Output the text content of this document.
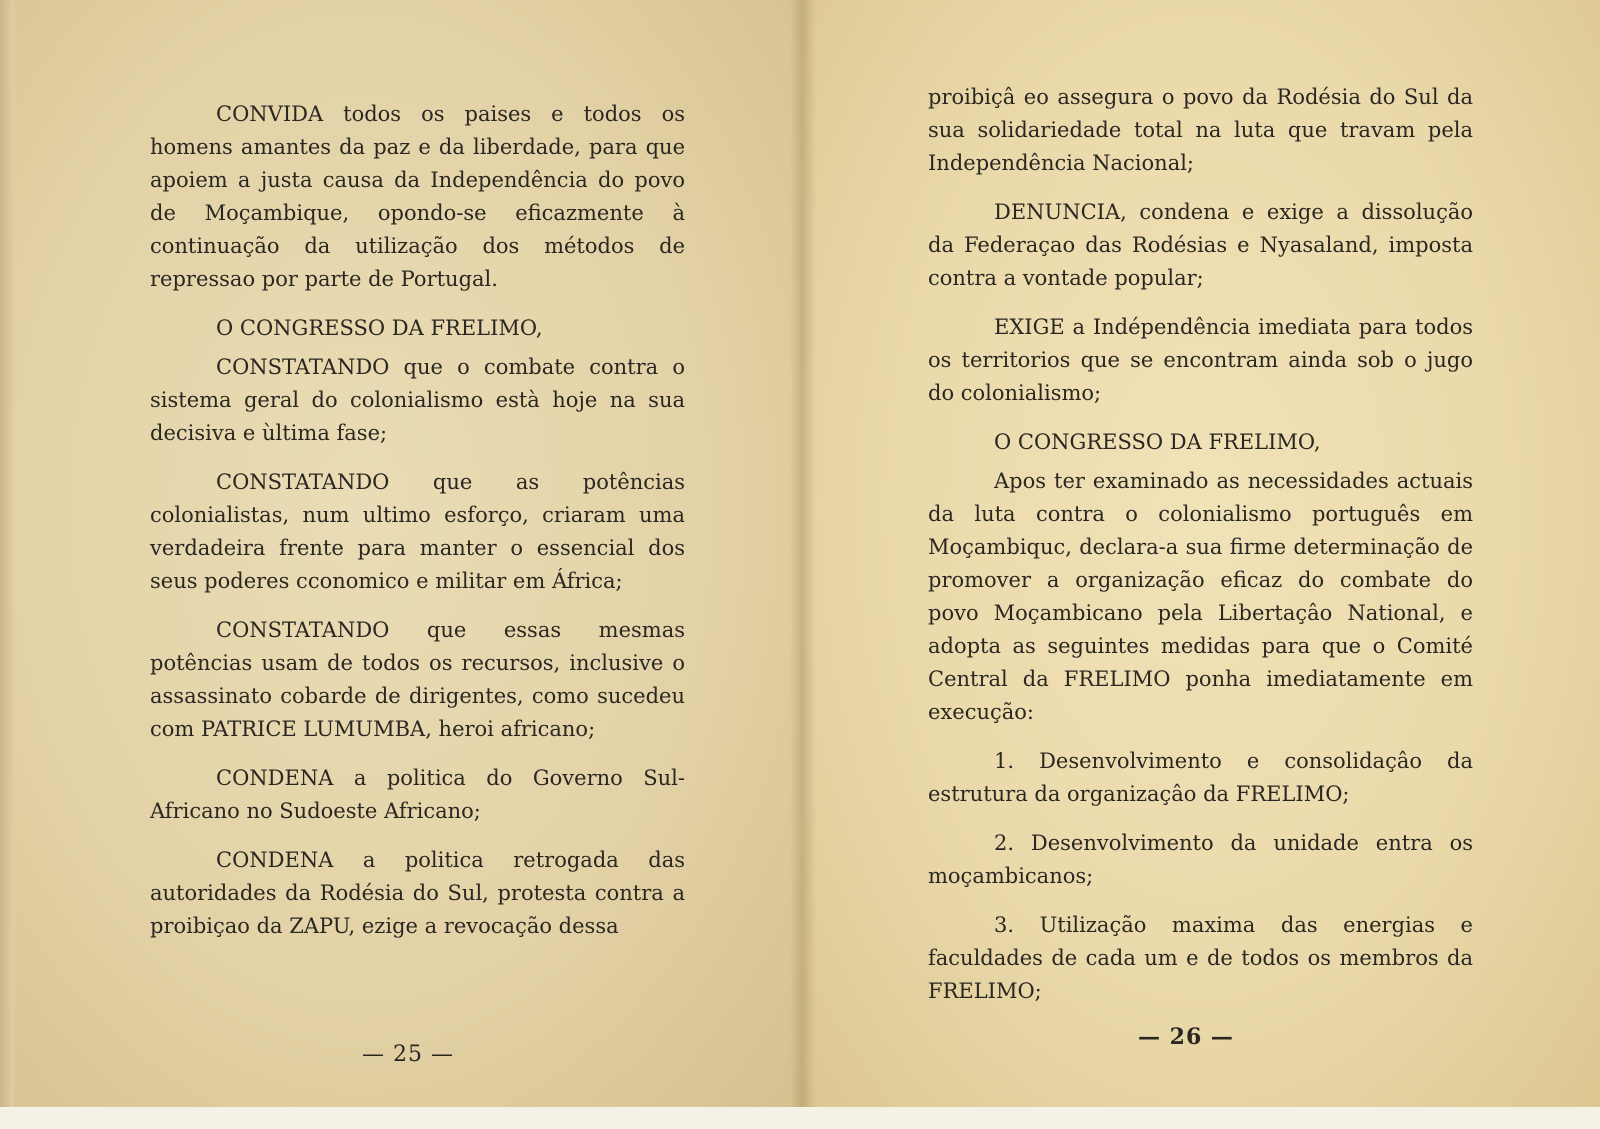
CONVIDA todos os paises e todos os homens amantes da paz e da liberdade, para que apoiem a justa causa da Independência do povo de Moçambique, opondo-se eficazmente à continuação da utilização dos métodos de repressao por parte de Portugal.

O CONGRESSO DA FRELIMO,

CONSTATANDO que o combate contra o sistema geral do colonialismo està hoje na sua decisiva e ùltima fase;

CONSTATANDO que as potências colonialistas, num ultimo esforço, criaram uma verdadeira frente para manter o essencial dos seus poderes cconomico e militar em África;

CONSTATANDO que essas mesmas potências usam de todos os recursos, inclusive o assassinato cobarde de dirigentes, como sucedeu com PATRICE LUMUMBA, heroi africano;

CONDENA a politica do Governo Sul-Africano no Sudoeste Africano;

CONDENA a politica retrogada das autoridades da Rodésia do Sul, protesta contra a proibiçao da ZAPU, ezige a revocação dessa

— 25 —

proibiçâ eo assegura o povo da Rodésia do Sul da sua solidariedade total na luta que travam pela Independência Nacional;

DENUNCIA, condena e exige a dissolução da Federaçao das Rodésias e Nyasaland, imposta contra a vontade popular;

EXIGE a Indépendência imediata para todos os territorios que se encontram ainda sob o jugo do colonialismo;

O CONGRESSO DA FRELIMO,

Apos ter examinado as necessidades actuais da luta contra o colonialismo português em Moçambiquc, declara-a sua firme determinação de promover a organização eficaz do combate do povo Moçambicano pela Libertaçâo National, e adopta as seguintes medidas para que o Comité Central da FRELIMO ponha imediatamente em execução:

1. Desenvolvimento e consolidaçâo da estrutura da organizaçâo da FRELIMO;

2. Desenvolvimento da unidade entra os moçambicanos;

3. Utilização maxima das energias e faculdades de cada um e de todos os membros da FRELIMO;

— 26 —
